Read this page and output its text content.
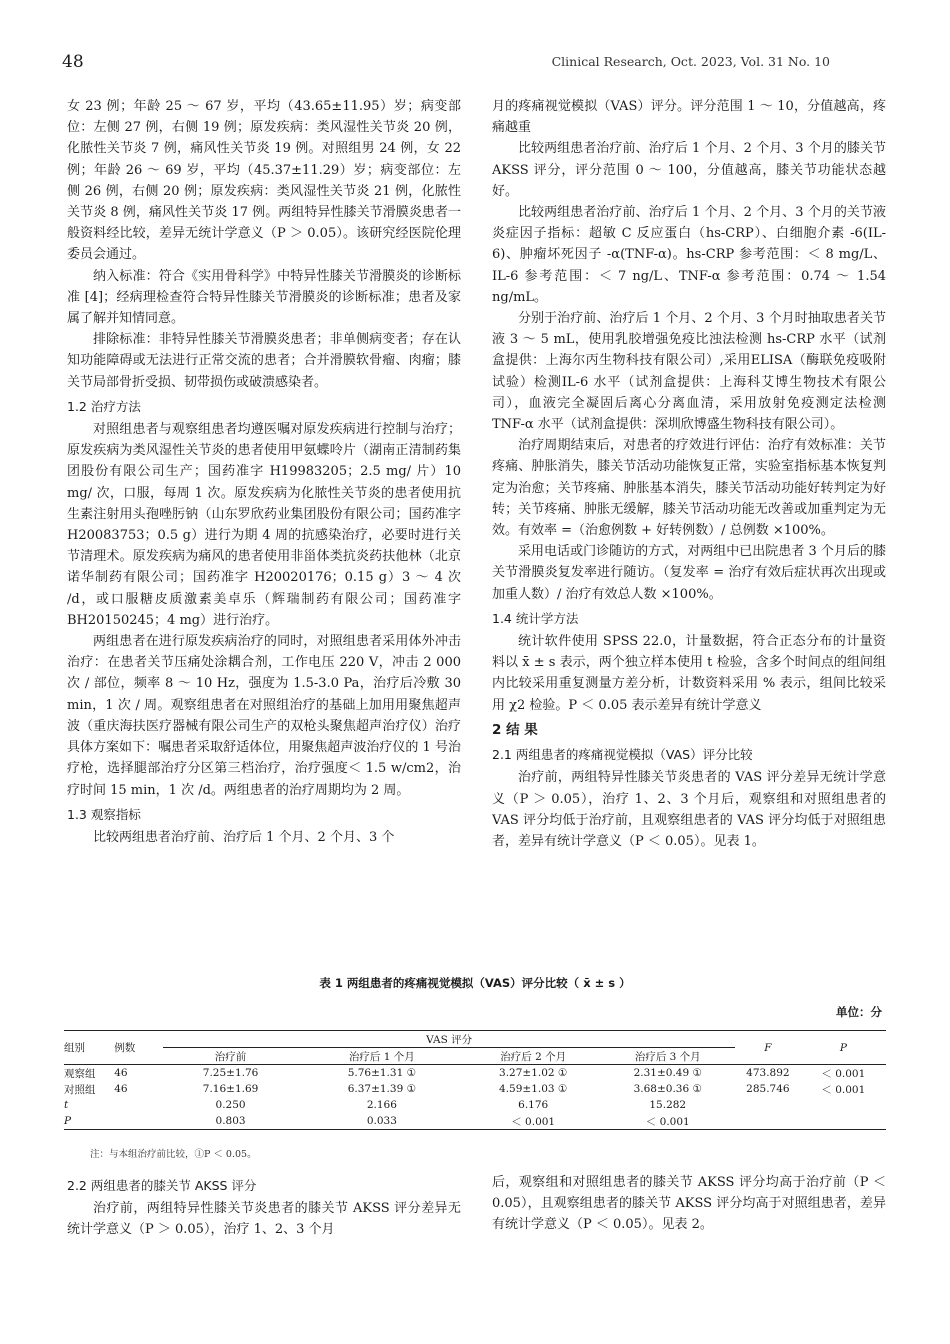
48	Clinical Research, Oct. 2023, Vol. 31 No. 10

女 23 例；年龄 25 ～ 67 岁，平均（43.65±11.95）岁；病变部位：左侧 27 例，右侧 19 例；原发疾病：类风湿性关节炎 20 例，化脓性关节炎 7 例，痛风性关节炎 19 例。对照组男 24 例，女 22 例；年龄 26 ～ 69 岁，平均（45.37±11.29）岁；病变部位：左侧 26 例，右侧 20 例；原发疾病：类风湿性关节炎 21 例，化脓性关节炎 8 例，痛风性关节炎 17 例。两组特异性膝关节滑膜炎患者一般资料经比较，差异无统计学意义（P ＞ 0.05）。该研究经医院伦理委员会通过。

纳入标准：符合《实用骨科学》中特异性膝关节滑膜炎的诊断标准 [4]；经病理检查符合特异性膝关节滑膜炎的诊断标准；患者及家属了解并知情同意。

排除标准：非特异性膝关节滑膜炎患者；非单侧病变者；存在认知功能障碍或无法进行正常交流的患者；合并滑膜软骨瘤、肉瘤；膝关节局部骨折受损、韧带损伤或破溃感染者。

1.2 治疗方法

对照组患者与观察组患者均遵医嘱对原发疾病进行控制与治疗；原发疾病为类风湿性关节炎的患者使用甲氨蝶呤片（湖南正清制药集团股份有限公司生产；国药准字 H19983205；2.5 mg/ 片）10 mg/ 次，口服，每周 1 次。原发疾病为化脓性关节炎的患者使用抗生素注射用头孢唑肟钠（山东罗欣药业集团股份有限公司；国药准字 H20083753；0.5 g）进行为期 4 周的抗感染治疗，必要时进行关节清理术。原发疾病为痛风的患者使用非甾体类抗炎药扶他林（北京诺华制药有限公司；国药准字 H20020176；0.15 g）3 ～ 4 次 /d，或口服糖皮质激素美卓乐（辉瑞制药有限公司；国药准字 BH20150245；4 mg）进行治疗。

两组患者在进行原发疾病治疗的同时，对照组患者采用体外冲击治疗：在患者关节压痛处涂耦合剂，工作电压 220 V，冲击 2 000 次 / 部位，频率 8 ～ 10 Hz，强度为 1.5-3.0 Pa，治疗后冷敷 30 min，1 次 / 周。观察组患者在对照组治疗的基础上加用用聚焦超声波（重庆海扶医疗器械有限公司生产的双枪头聚焦超声治疗仪）治疗具体方案如下：嘱患者采取舒适体位，用聚焦超声波治疗仪的 1 号治疗枪，选择腿部治疗分区第三档治疗，治疗强度＜ 1.5 w/cm2，治疗时间 15 min，1 次 /d。两组患者的治疗周期均为 2 周。

1.3 观察指标

比较两组患者治疗前、治疗后 1 个月、2 个月、3 个

月的疼痛视觉模拟（VAS）评分。评分范围 1 ～ 10，分值越高，疼痛越重

比较两组患者治疗前、治疗后 1 个月、2 个月、3 个月的膝关节 AKSS 评分，评分范围 0 ～ 100，分值越高，膝关节功能状态越好。

比较两组患者治疗前、治疗后 1 个月、2 个月、3 个月的关节液炎症因子指标：超敏 C 反应蛋白（hs-CRP）、白细胞介素 -6(IL-6)、肿瘤坏死因子 -α(TNF-α)。hs-CRP 参考范围：＜ 8 mg/L、IL-6 参考范围：＜ 7 ng/L、TNF-α 参考范围：0.74 ～ 1.54 ng/mL。

分别于治疗前、治疗后 1 个月、2 个月、3 个月时抽取患者关节液 3 ～ 5 mL，使用乳胶增强免疫比浊法检测 hs-CRP 水平（试剂盒提供：上海尔丙生物科技有限公司）,采用ELISA（酶联免疫吸附试验）检测IL-6 水平（试剂盒提供：上海科艾博生物技术有限公司），血液完全凝固后离心分离血清，采用放射免疫测定法检测 TNF-α 水平（试剂盒提供：深圳欣博盛生物科技有限公司）。

治疗周期结束后，对患者的疗效进行评估：治疗有效标准：关节疼痛、肿胀消失，膝关节活动功能恢复正常，实验室指标基本恢复判定为治愈；关节疼痛、肿胀基本消失，膝关节活动功能好转判定为好转；关节疼痛、肿胀无缓解，膝关节活动功能无改善或加重判定为无效。有效率 =（治愈例数 + 好转例数）/ 总例数 ×100%。

采用电话或门诊随访的方式，对两组中已出院患者 3 个月后的膝关节滑膜炎复发率进行随访。（复发率 = 治疗有效后症状再次出现或加重人数）/ 治疗有效总人数 ×100%。

1.4 统计学方法

统计软件使用 SPSS 22.0，计量数据，符合正态分布的计量资料以 x̄ ± s 表示，两个独立样本使用 t 检验，含多个时间点的组间组内比较采用重复测量方差分析，计数资料采用 % 表示，组间比较采用 χ2 检验。P ＜ 0.05 表示差异有统计学意义

2 结 果

2.1 两组患者的疼痛视觉模拟（VAS）评分比较

治疗前，两组特异性膝关节炎患者的 VAS 评分差异无统计学意义（P ＞ 0.05），治疗 1、2、3 个月后，观察组和对照组患者的 VAS 评分均低于治疗前，且观察组患者的 VAS 评分均低于对照组患者，差异有统计学意义（P ＜ 0.05）。见表 1。

表 1 两组患者的疼痛视觉模拟（VAS）评分比较（ x̄ ± s ）
单位：分
组别	例数	VAS 评分				F	P
		治疗前	治疗后 1 个月	治疗后 2 个月	治疗后 3 个月		
观察组	46	7.25±1.76	5.76±1.31 ①	3.27±1.02 ①	2.31±0.49 ①	473.892	＜ 0.001
对照组	46	7.16±1.69	6.37±1.39 ①	4.59±1.03 ①	3.68±0.36 ①	285.746	＜ 0.001
t		0.250	2.166	6.176	15.282		
P		0.803	0.033	＜ 0.001	＜ 0.001		
注：与本组治疗前比较，①P ＜ 0.05。

2.2 两组患者的膝关节 AKSS 评分

治疗前，两组特异性膝关节炎患者的膝关节 AKSS 评分差异无统计学意义（P ＞ 0.05），治疗 1、2、3 个月

后，观察组和对照组患者的膝关节 AKSS 评分均高于治疗前（P ＜ 0.05），且观察组患者的膝关节 AKSS 评分均高于对照组患者，差异有统计学意义（P ＜ 0.05）。见表 2。
